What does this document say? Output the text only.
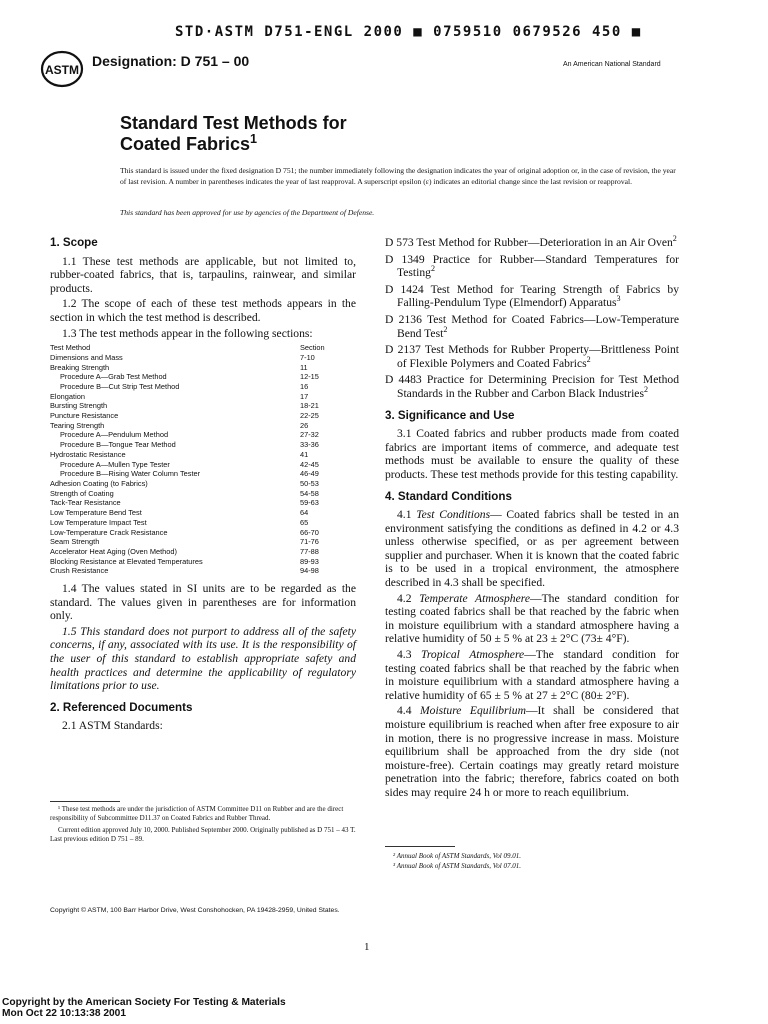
STD·ASTM D751-ENGL 2000 ■ 0759510 0679526 450 ■
ASTM
Designation: D 751 – 00	An American National Standard
Standard Test Methods for
Coated Fabrics$^1$
This standard is issued under the fixed designation D 751; the number immediately following the designation indicates the year of original adoption or, in the case of revision, the year of last revision. A number in parentheses indicates the year of last reapproval. A superscript epsilon (ε) indicates an editorial change since the last revision or reapproval.
This standard has been approved for use by agencies of the Department of Defense.

1. Scope

1.1 These test methods are applicable, but not limited to, rubber-coated fabrics, that is, tarpaulins, rainwear, and similar products.

1.2 The scope of each of these test methods appears in the section in which the test method is described.

1.3 The test methods appear in the following sections:

Test Method	Section
Dimensions and Mass	7-10
Breaking Strength	11
Procedure A—Grab Test Method	12-15
Procedure B—Cut Strip Test Method	16
Elongation	17
Bursting Strength	18-21
Puncture Resistance	22-25
Tearing Strength	26
Procedure A—Pendulum Method	27-32
Procedure B—Tongue Tear Method	33-36
Hydrostatic Resistance	41
Procedure A—Mullen Type Tester	42-45
Procedure B—Rising Water Column Tester	46-49
Adhesion Coating (to Fabrics)	50-53
Strength of Coating	54-58
Tack-Tear Resistance	59-63
Low Temperature Bend Test	64
Low Temperature Impact Test	65
Low-Temperature Crack Resistance	66-70
Seam Strength	71-76
Accelerator Heat Aging (Oven Method)	77-88
Blocking Resistance at Elevated Temperatures	89-93
Crush Resistance	94-98

1.4 The values stated in SI units are to be regarded as the standard. The values given in parentheses are for information only.

1.5 This standard does not purport to address all of the safety concerns, if any, associated with its use. It is the responsibility of the user of this standard to establish appropriate safety and health practices and determine the applicability of regulatory limitations prior to use.

2. Referenced Documents

2.1 ASTM Standards:

D 573 Test Method for Rubber—Deterioration in an Air Oven$^2$

D 1349 Practice for Rubber—Standard Temperatures for Testing$^2$

D 1424 Test Method for Tearing Strength of Fabrics by Falling-Pendulum Type (Elmendorf) Apparatus$^3$

D 2136 Test Method for Coated Fabrics—Low-Temperature Bend Test$^2$

D 2137 Test Methods for Rubber Property—Brittleness Point of Flexible Polymers and Coated Fabrics$^2$

D 4483 Practice for Determining Precision for Test Method Standards in the Rubber and Carbon Black Industries$^2$

3. Significance and Use

3.1 Coated fabrics and rubber products made from coated fabrics are important items of commerce, and adequate test methods must be available to ensure the quality of these products. These test methods provide for this testing capability.

4. Standard Conditions

4.1 Test Conditions— Coated fabrics shall be tested in an environment satisfying the conditions as defined in 4.2 or 4.3 unless otherwise specified, or as per agreement between supplier and purchaser. When it is known that the coated fabric is to be used in a tropical environment, the atmosphere described in 4.3 shall be specified.

4.2 Temperate Atmosphere—The standard condition for testing coated fabrics shall be that reached by the fabric when in moisture equilibrium with a standard atmosphere having a relative humidity of 50 ± 5 % at 23 ± 2°C (73± 4°F).

4.3 Tropical Atmosphere—The standard condition for testing coated fabrics shall be that reached by the fabric when in moisture equilibrium with a standard atmosphere having a relative humidity of 65 ± 5 % at 27 ± 2°C (80± 2°F).

4.4 Moisture Equilibrium—It shall be considered that moisture equilibrium is reached when after free exposure to air in motion, there is no progressive increase in mass. Moisture equilibrium shall be approached from the dry side (not moisture-free). Certain coatings may greatly retard moisture penetration into the fabric; therefore, fabrics coated on both sides may require 24 h or more to reach equilibrium.

¹ These test methods are under the jurisdiction of ASTM Committee D11 on Rubber and are the direct responsibility of Subcommittee D11.37 on Coated Fabrics and Rubber Thread.

Current edition approved July 10, 2000. Published September 2000. Originally published as D 751 – 43 T. Last previous edition D 751 – 89.

² Annual Book of ASTM Standards, Vol 09.01.

³ Annual Book of ASTM Standards, Vol 07.01.

Copyright © ASTM, 100 Barr Harbor Drive, West Conshohocken, PA 19428-2959, United States.
1
Copyright by the American Society For Testing & Materials
Mon Oct 22 10:13:38 2001
